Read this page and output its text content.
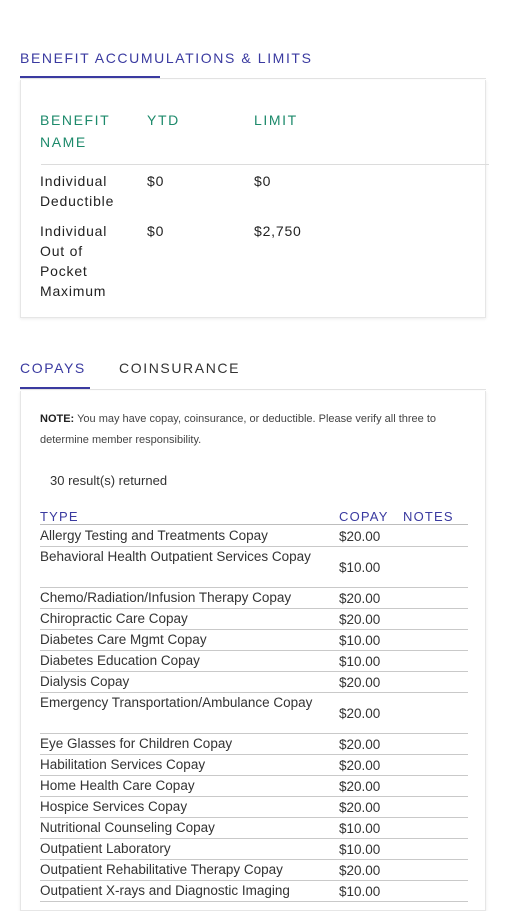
BENEFIT ACCUMULATIONS & LIMITS
BENEFIT NAME
YTD	LIMIT
Individual Deductible
$0	$0
Individual Out of Pocket Maximum
$0	$2,750
COPAYS COINSURANCE
NOTE: You may have copay, coinsurance, or deductible. Please verify all three to determine member responsibility.
30 result(s) returned
TYPE	COPAY NOTES
Allergy Testing and Treatments Copay	$20.00
Behavioral Health Outpatient Services Copay
$10.00
Chemo/Radiation/Infusion Therapy Copay	$20.00
Chiropractic Care Copay	$20.00
Diabetes Care Mgmt Copay	$10.00
Diabetes Education Copay	$10.00
Dialysis Copay	$20.00
Emergency Transportation/Ambulance Copay
$20.00
Eye Glasses for Children Copay	$20.00
Habilitation Services Copay	$20.00
Home Health Care Copay	$20.00
Hospice Services Copay	$20.00
Nutritional Counseling Copay	$10.00
Outpatient Laboratory	$10.00
Outpatient Rehabilitative Therapy Copay	$20.00
Outpatient X-rays and Diagnostic Imaging	$10.00
